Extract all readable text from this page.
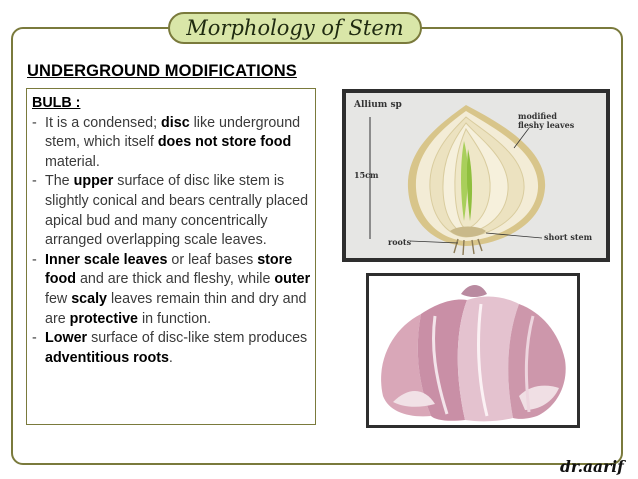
Morphology of Stem
UNDERGROUND MODIFICATIONS
BULB :
- It is a condensed; disc like underground stem, which itself does not store food material.
- The upper surface of disc like stem is slightly conical and bears centrally placed apical bud and many concentrically arranged overlapping scale leaves.
- Inner scale leaves or leaf bases store food and are thick and fleshy, while outer few scaly leaves remain thin and dry and are protective in function.
- Lower surface of disc-like stem produces adventitious roots.
Allium sp
modified
fleshy leaves
15cm
roots	short stem
dr.aarif
